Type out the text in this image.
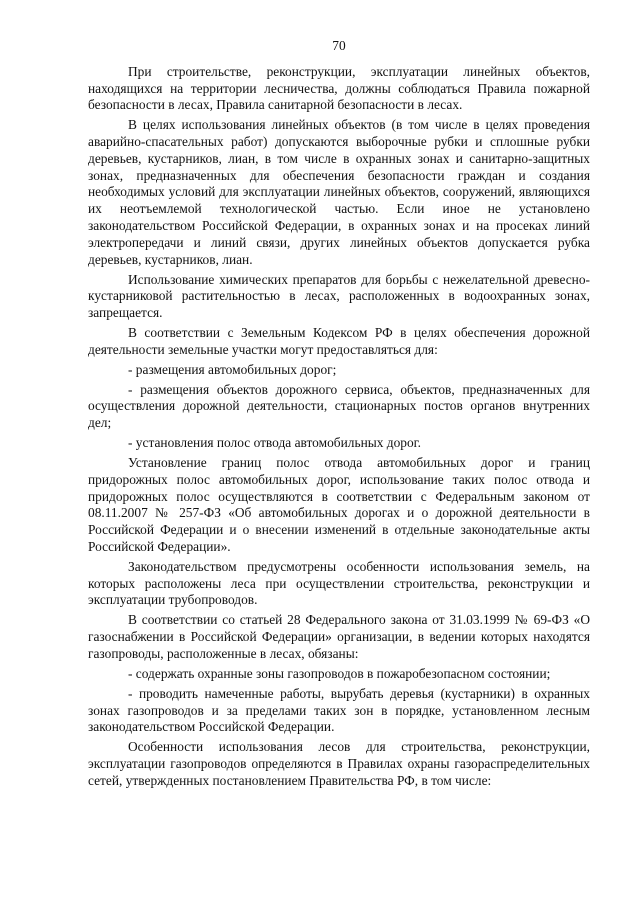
70

При строительстве, реконструкции, эксплуатации линейных объектов, находящихся на территории лесничества, должны соблюдаться Правила пожарной безопасности в лесах, Правила санитарной безопасности в лесах.

В целях использования линейных объектов (в том числе в целях проведения аварийно-спасательных работ) допускаются выборочные рубки и сплошные рубки деревьев, кустарников, лиан, в том числе в охранных зонах и санитарно-защитных зонах, предназначенных для обеспечения безопасности граждан и создания необходимых условий для эксплуатации линейных объектов, сооружений, являющихся их неотъемлемой технологической частью. Если иное не установлено законодательством Российской Федерации, в охранных зонах и на просеках линий электропередачи и линий связи, других линейных объектов допускается рубка деревьев, кустарников, лиан.

Использование химических препаратов для борьбы с нежелательной древесно-кустарниковой растительностью в лесах, расположенных в водоохранных зонах, запрещается.

В соответствии с Земельным Кодексом РФ в целях обеспечения дорожной деятельности земельные участки могут предоставляться для:

- размещения автомобильных дорог;

- размещения объектов дорожного сервиса, объектов, предназначенных для осуществления дорожной деятельности, стационарных постов органов внутренних дел;

- установления полос отвода автомобильных дорог.

Установление границ полос отвода автомобильных дорог и границ придорожных полос автомобильных дорог, использование таких полос отвода и придорожных полос осуществляются в соответствии с Федеральным законом от 08.11.2007 № 257-ФЗ «Об автомобильных дорогах и о дорожной деятельности в Российской Федерации и о внесении изменений в отдельные законодательные акты Российской Федерации».

Законодательством предусмотрены особенности использования земель, на которых расположены леса при осуществлении строительства, реконструкции и эксплуатации трубопроводов.

В соответствии со статьей 28 Федерального закона от 31.03.1999 № 69-ФЗ «О газоснабжении в Российской Федерации» организации, в ведении которых находятся газопроводы, расположенные в лесах, обязаны:

- содержать охранные зоны газопроводов в пожаробезопасном состоянии;

- проводить намеченные работы, вырубать деревья (кустарники) в охранных зонах газопроводов и за пределами таких зон в порядке, установленном лесным законодательством Российской Федерации.

Особенности использования лесов для строительства, реконструкции, эксплуатации газопроводов определяются в Правилах охраны газораспределительных сетей, утвержденных постановлением Правительства РФ, в том числе:
